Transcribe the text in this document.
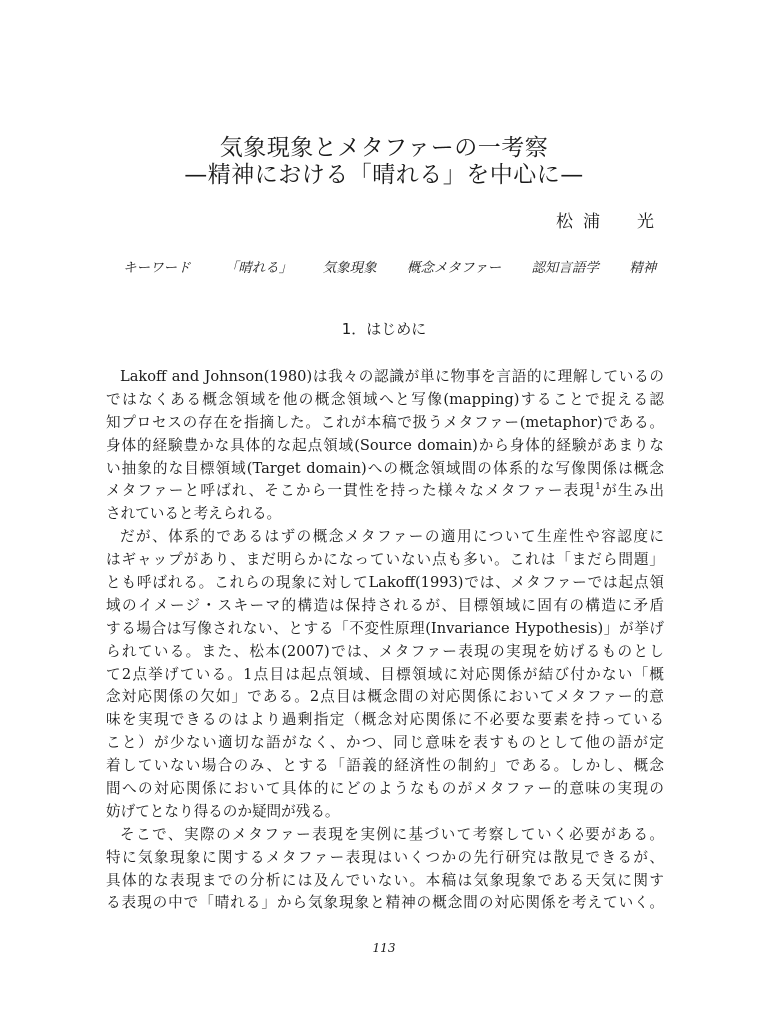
気象現象とメタファーの一考察
—精神における「晴れる」を中心に—
松浦　光
キーワード	「晴れる」 気象現象 概念メタファー 認知言語学 精神
1．はじめに
Lakoff and Johnson(1980)は我々の認識が単に物事を言語的に理解しているの
ではなくある概念領域を他の概念領域へと写像(mapping)することで捉える認
知プロセスの存在を指摘した。これが本稿で扱うメタファー(metaphor)である。
身体的経験豊かな具体的な起点領域(Source domain)から身体的経験があまりな
い抽象的な目標領域(Target domain)への概念領域間の体系的な写像関係は概念
メタファーと呼ばれ、そこから一貫性を持った様々なメタファー表現$^1$が生み出
されていると考えられる。
だが、体系的であるはずの概念メタファーの適用について生産性や容認度に
はギャップがあり、まだ明らかになっていない点も多い。これは「まだら問題」
とも呼ばれる。これらの現象に対してLakoff(1993)では、メタファーでは起点領
域のイメージ・スキーマ的構造は保持されるが、目標領域に固有の構造に矛盾
する場合は写像されない、とする「不変性原理(Invariance Hypothesis)」が挙げ
られている。また、松本(2007)では、メタファー表現の実現を妨げるものとし
て2点挙げている。1点目は起点領域、目標領域に対応関係が結び付かない「概
念対応関係の欠如」である。2点目は概念間の対応関係においてメタファー的意
味を実現できるのはより過剰指定（概念対応関係に不必要な要素を持っている
こと）が少ない適切な語がなく、かつ、同じ意味を表すものとして他の語が定
着していない場合のみ、とする「語義的経済性の制約」である。しかし、概念
間への対応関係において具体的にどのようなものがメタファー的意味の実現の
妨げてとなり得るのか疑問が残る。
そこで、実際のメタファー表現を実例に基づいて考察していく必要がある。
特に気象現象に関するメタファー表現はいくつかの先行研究は散見できるが、
具体的な表現までの分析には及んでいない。本稿は気象現象である天気に関す
る表現の中で「晴れる」から気象現象と精神の概念間の対応関係を考えていく。
113
